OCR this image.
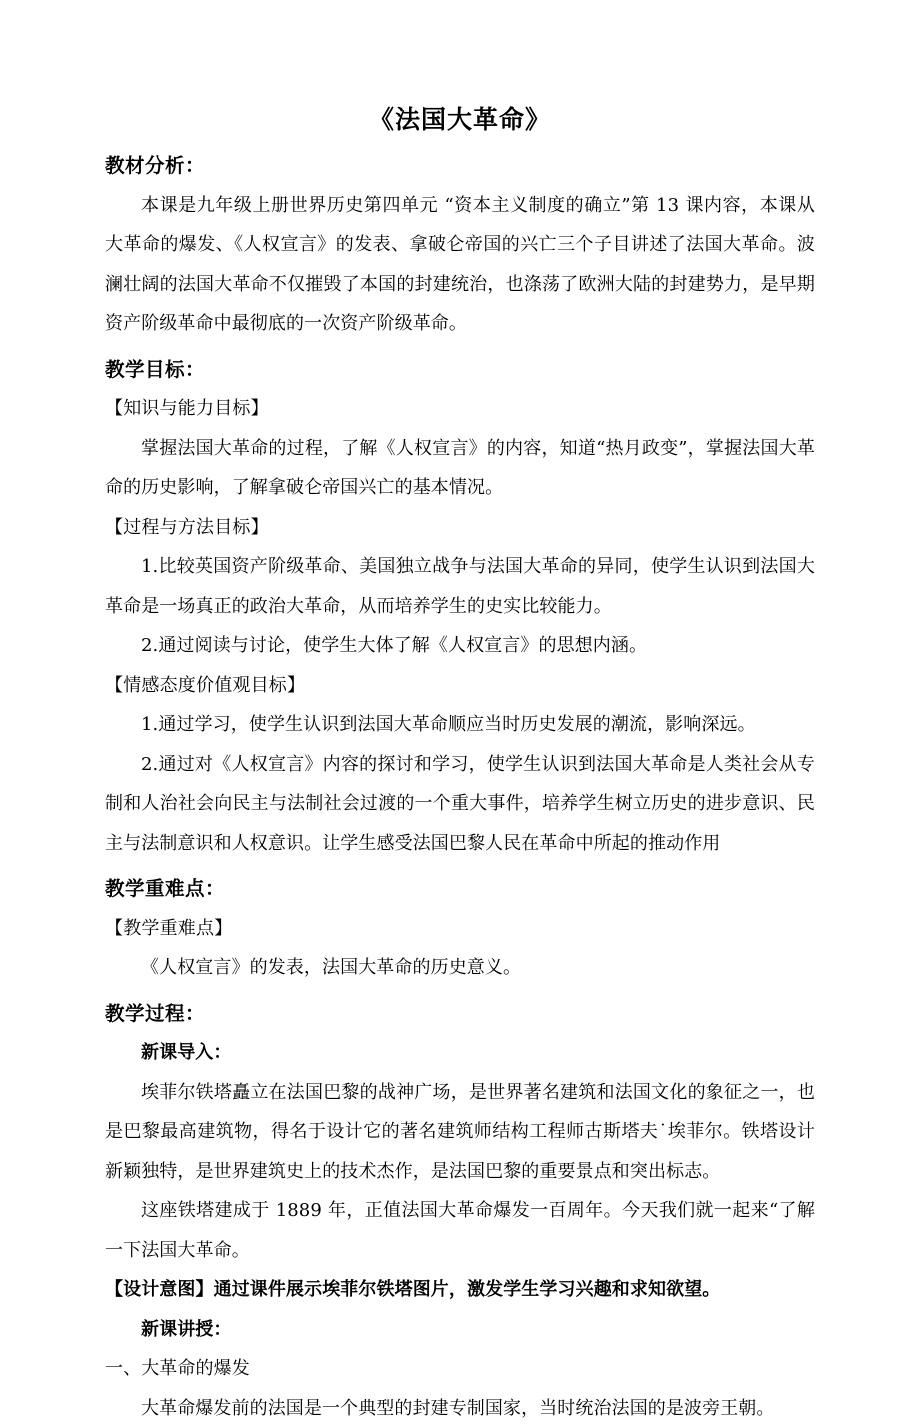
《法国大革命》
教材分析：

本课是九年级上册世界历史第四单元 “资本主义制度的确立”第 13 课内容，本课从大革命的爆发、《人权宣言》的发表、拿破仑帝国的兴亡三个子目讲述了法国大革命。波澜壮阔的法国大革命不仅摧毁了本国的封建统治，也涤荡了欧洲大陆的封建势力，是早期资产阶级革命中最彻底的一次资产阶级革命。

教学目标：
【知识与能力目标】

掌握法国大革命的过程，了解《人权宣言》的内容，知道“热月政变”，掌握法国大革命的历史影响，了解拿破仑帝国兴亡的基本情况。

【过程与方法目标】

1.比较英国资产阶级革命、美国独立战争与法国大革命的异同，使学生认识到法国大革命是一场真正的政治大革命，从而培养学生的史实比较能力。

2.通过阅读与讨论，使学生大体了解《人权宣言》的思想内涵。

【情感态度价值观目标】

1.通过学习，使学生认识到法国大革命顺应当时历史发展的潮流，影响深远。

2.通过对《人权宣言》内容的探讨和学习，使学生认识到法国大革命是人类社会从专制和人治社会向民主与法制社会过渡的一个重大事件，培养学生树立历史的进步意识、民主与法制意识和人权意识。让学生感受法国巴黎人民在革命中所起的推动作用

教学重难点：
【教学重难点】

《人权宣言》的发表，法国大革命的历史意义。

教学过程：

新课导入：

埃菲尔铁塔矗立在法国巴黎的战神广场，是世界著名建筑和法国文化的象征之一，也是巴黎最高建筑物，得名于设计它的著名建筑师结构工程师古斯塔夫˙埃菲尔。铁塔设计新颖独特，是世界建筑史上的技术杰作，是法国巴黎的重要景点和突出标志。

这座铁塔建成于 1889 年，正值法国大革命爆发一百周年。今天我们就一起来“了解一下法国大革命。

【设计意图】通过课件展示埃菲尔铁塔图片，激发学生学习兴趣和求知欲望。

新课讲授：

一、大革命的爆发

大革命爆发前的法国是一个典型的封建专制国家，当时统治法国的是波旁王朝。
